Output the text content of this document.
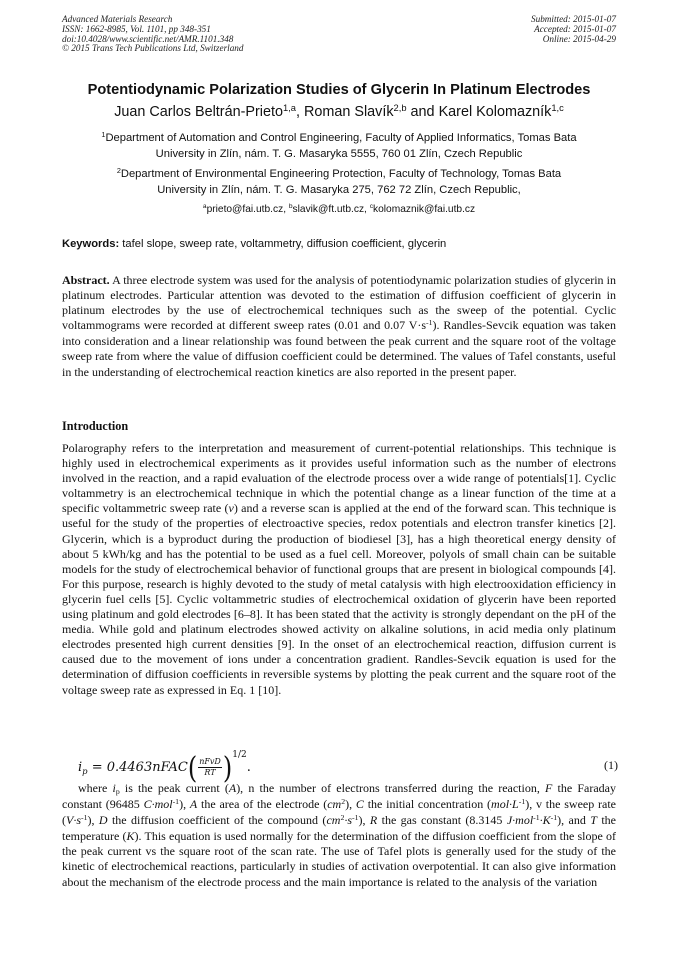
Advanced Materials Research
ISSN: 1662-8985, Vol. 1101, pp 348-351
doi:10.4028/www.scientific.net/AMR.1101.348
© 2015 Trans Tech Publications Ltd, Switzerland
Submitted: 2015-01-07
Accepted: 2015-01-07
Online: 2015-04-29
Potentiodynamic Polarization Studies of Glycerin In Platinum Electrodes
Juan Carlos Beltrán-Prieto$^{1,a}$, Roman Slavík$^{2,b}$ and Karel Kolomazník$^{1,c}$
$^1$Department of Automation and Control Engineering, Faculty of Applied Informatics, Tomas Bata
University in Zlín, nám. T. G. Masaryka 5555, 760 01 Zlín, Czech Republic
$^2$Department of Environmental Engineering Protection, Faculty of Technology, Tomas Bata
University in Zlín, nám. T. G. Masaryka 275, 762 72 Zlín, Czech Republic,
$^a$prieto@fai.utb.cz, $^b$slavik@ft.utb.cz, $^c$kolomaznik@fai.utb.cz
Keywords: tafel slope, sweep rate, voltammetry, diffusion coefficient, glycerin
Abstract. A three electrode system was used for the analysis of potentiodynamic polarization studies of glycerin in platinum electrodes. Particular attention was devoted to the estimation of diffusion coefficient of glycerin in platinum electrodes by the use of electrochemical techniques such as the sweep of the potential. Cyclic voltammograms were recorded at different sweep rates (0.01 and 0.07 $V\cdot s^{-1}$). Randles-Sevcik equation was taken into consideration and a linear relationship was found between the peak current and the square root of the voltage sweep rate from where the value of diffusion coefficient could be determined. The values of Tafel constants, useful in the understanding of electrochemical reaction kinetics are also reported in the present paper.
Introduction
Polarography refers to the interpretation and measurement of current-potential relationships. This technique is highly used in electrochemical experiments as it provides useful information such as the number of electrons involved in the reaction, and a rapid evaluation of the electrode process over a wide range of potentials[1]. Cyclic voltammetry is an electrochemical technique in which the potential change as a linear function of the time at a specific voltammetric sweep rate (v) and a reverse scan is applied at the end of the forward scan. This technique is useful for the study of the properties of electroactive species, redox potentials and electron transfer kinetics [2]. Glycerin, which is a byproduct during the production of biodiesel [3], has a high theoretical energy density of about 5 kWh/kg and has the potential to be used as a fuel cell. Moreover, polyols of small chain can be suitable models for the study of electrochemical behavior of functional groups that are present in biological compounds [4]. For this purpose, research is highly devoted to the study of metal catalysis with high electrooxidation efficiency in glycerin fuel cells [5]. Cyclic voltammetric studies of electrochemical oxidation of glycerin have been reported using platinum and gold electrodes [6–8]. It has been stated that the activity is strongly dependant on the pH of the media. While gold and platinum electrodes showed activity on alkaline solutions, in acid media only platinum electrodes presented high current densities [9]. In the onset of an electrochemical reaction, diffusion current is caused due to the movement of ions under a concentration gradient. Randles-Sevcik equation is used for the determination of diffusion coefficients in reversible systems by plotting the peak current and the square root of the voltage sweep rate as expressed in Eq. 1 [10].
$i_p$ = 0.4463nFAC( $\frac{\text{nFvD}}{RT} )^{1/2}$.	(1)
where $i_p$ is the peak current (A), n the number of electrons transferred during the reaction, F the Faraday constant (96485 C·mol$^{-1}$), A the area of the electrode $(cm^2)$, C the initial concentration $(mol\cdot L^{-1})$, v the sweep rate $(V\cdot s^{-1})$, D the diffusion coefficient of the compound $(cm^2\cdot s^{-1})$, R the gas constant (8.3145 $J\cdot mol^{-1}\cdot K^{-1}$), and T the temperature (K). This equation is used normally for the determination of the diffusion coefficient from the slope of the peak current vs the square root of the scan rate. The use of Tafel plots is generally used for the study of the kinetic of electrochemical reactions, particularly in studies of activation overpotential. It can also give information about the mechanism of the electrode process and the main importance is related to the analysis of the variation
